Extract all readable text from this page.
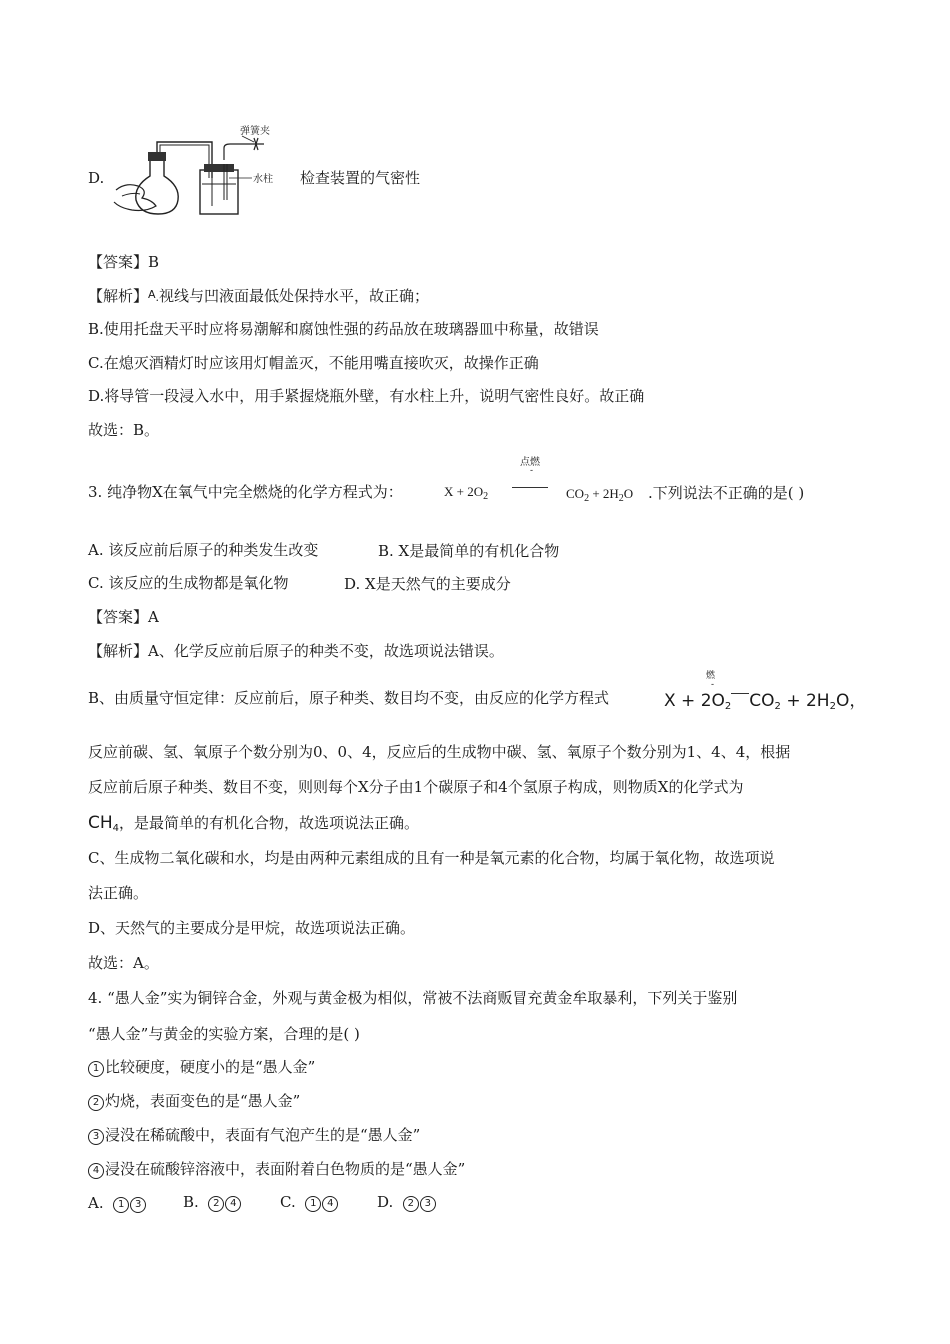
D.
弹簧夹
水柱 检查装置的气密性
【答案】B
【解析】$^A$.视线与凹液面最低处保持水平，故正确；
B.使用托盘天平时应将易潮解和腐蚀性强的药品放在玻璃器皿中称量，故错误
C.在熄灭酒精灯时应该用灯帽盖灭，不能用嘴直接吹灭，故操作正确
D.将导管一段浸入水中，用手紧握烧瓶外壁，有水柱上升，说明气密性良好。故正确
故选：B。
3. 纯净物X在氧气中完全燃烧的化学方程式为：	$X + 2O_2$
点燃
-
$CO_2 + 2H_2O$ .下列说法不正确的是( )
A. 该反应前后原子的种类发生改变	B. X是最简单的有机化合物
C. 该反应的生成物都是氧化物	D. X是天然气的主要成分
【答案】A
【解析】A、化学反应前后原子的种类不变，故选项说法错误。
B、由质量守恒定律：反应前后，原子种类、数目均不变，由反应的化学方程式
燃
-
$X + 2O_2$ $CO_2 + 2H_2O$，
反应前碳、氢、氧原子个数分别为0、0、4，反应后的生成物中碳、氢、氧原子个数分别为1、4、4，根据
反应前后原子种类、数目不变，则则每个X分子由1个碳原子和4个氢原子构成，则物质X的化学式为
$CH_4$，是最简单的有机化合物，故选项说法正确。
C、生成物二氧化碳和水，均是由两种元素组成的且有一种是氧元素的化合物，均属于氧化物，故选项说
法正确。
D、天然气的主要成分是甲烷，故选项说法正确。
故选：A。
4. “愚人金”实为铜锌合金，外观与黄金极为相似，常被不法商贩冒充黄金牟取暴利，下列关于鉴别
“愚人金”与黄金的实验方案，合理的是( )
1 比较硬度，硬度小的是“愚人金”
2 灼烧，表面变色的是“愚人金”
3 浸没在稀硫酸中，表面有气泡产生的是“愚人金”
4 浸没在硫酸锌溶液中，表面附着白色物质的是“愚人金”
A. 1 3	B. 2 4	C. 1 4	D. 2 3
